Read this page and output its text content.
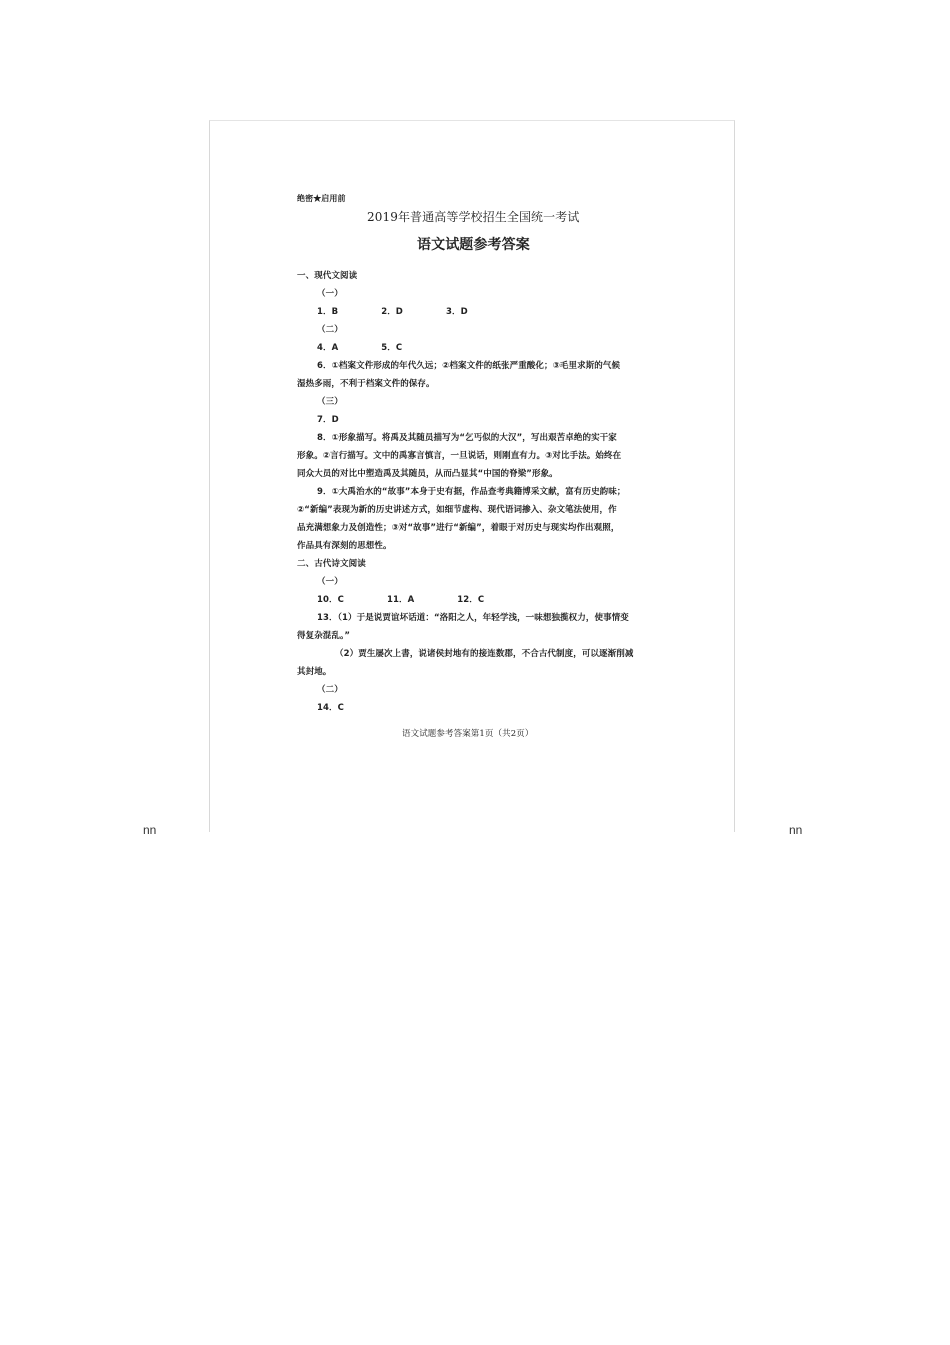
绝密★启用前
2019年普通高等学校招生全国统一考试
语文试题参考答案
一、现代文阅读
（一）
1．B　　　　　2．D　　　　　3．D
（二）
4．A　　　　　5．C
6．①档案文件形成的年代久远；②档案文件的纸张严重酸化；③毛里求斯的气候
湿热多雨，不利于档案文件的保存。
（三）
7．D
8．①形象描写。将禹及其随员描写为“乞丐似的大汉”，写出艰苦卓绝的实干家
形象。②言行描写。文中的禹寡言慎言，一旦说话，则刚直有力。③对比手法。始终在
同众大员的对比中塑造禹及其随员，从而凸显其“中国的脊梁”形象。
9．①大禹治水的“故事”本身于史有据，作品查考典籍博采文献，富有历史韵味；
②“新编”表现为新的历史讲述方式，如细节虚构、现代语词掺入、杂文笔法使用，作
品充满想象力及创造性；③对“故事”进行“新编”，着眼于对历史与现实均作出观照，
作品具有深刻的思想性。
二、古代诗文阅读
（一）
10．C　　　　　11．A　　　　　12．C
13．（1）于是说贾谊坏话道：“洛阳之人，年轻学浅，一味想独揽权力，使事情变
得复杂混乱。”
（2）贾生屡次上書，说诸侯封地有的接连数郡，不合古代制度，可以逐渐削减
其封地。
（二）
14．C
语文试题参考答案第1页（共2页）
nn	nn
